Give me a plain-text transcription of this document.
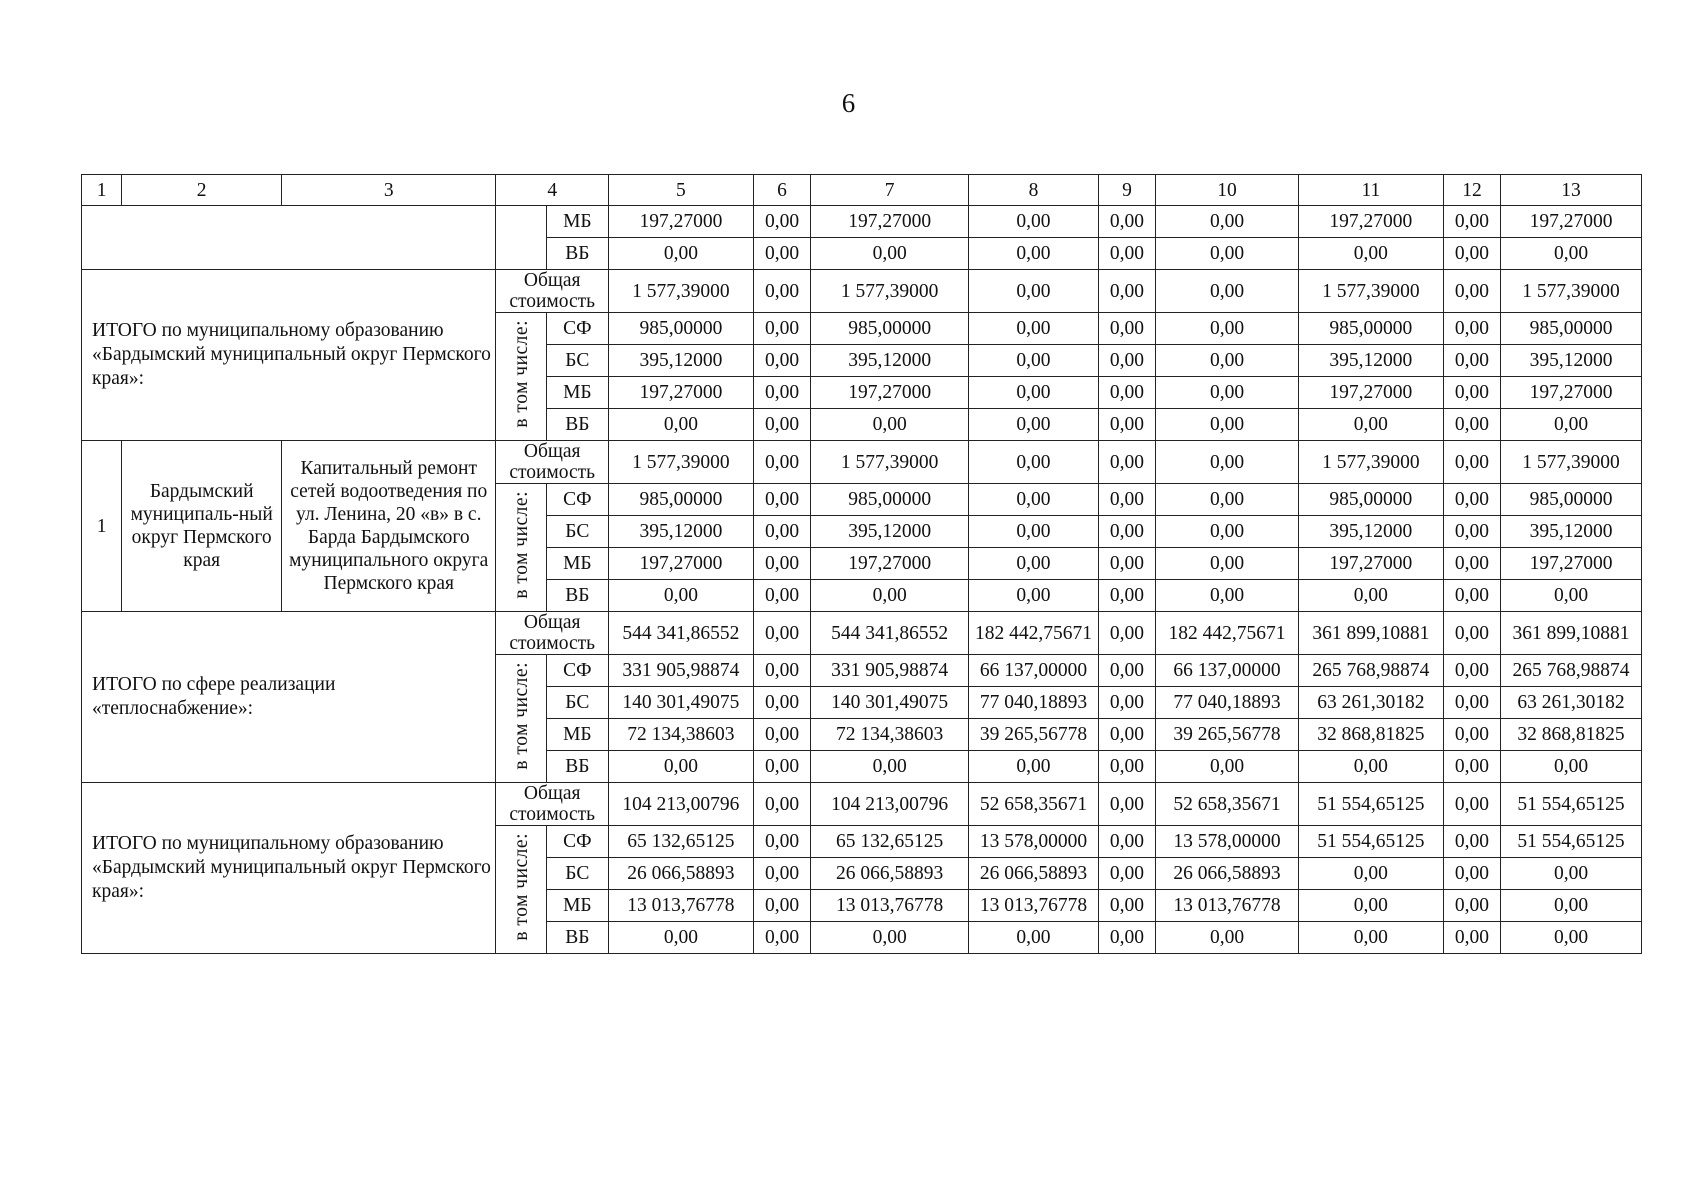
6
1	2	3	4		5	6	7	8	9	10	11	12	13
				МБ	197,27000	0,00	197,27000	0,00	0,00	0,00	197,27000	0,00	197,27000
				ВБ	0,00	0,00	0,00	0,00	0,00	0,00	0,00	0,00	0,00
ИТОГО по муниципальному образованию «Бардымский муниципальный округ Пермского края»:			Общая стоимость		1 577,39000	0,00	1 577,39000	0,00	0,00	0,00	1 577,39000	0,00	1 577,39000
			в том числе:	СФ	985,00000	0,00	985,00000	0,00	0,00	0,00	985,00000	0,00	985,00000
				БС	395,12000	0,00	395,12000	0,00	0,00	0,00	395,12000	0,00	395,12000
				МБ	197,27000	0,00	197,27000	0,00	0,00	0,00	197,27000	0,00	197,27000
				ВБ	0,00	0,00	0,00	0,00	0,00	0,00	0,00	0,00	0,00
1	Бардымский муниципаль-ный округ Пермского края	Капитальный ремонт сетей водоотведения по ул. Ленина, 20 «в» в с. Барда Бардымского муниципального округа Пермского края	Общая стоимость		1 577,39000	0,00	1 577,39000	0,00	0,00	0,00	1 577,39000	0,00	1 577,39000
			в том числе:	СФ	985,00000	0,00	985,00000	0,00	0,00	0,00	985,00000	0,00	985,00000
				БС	395,12000	0,00	395,12000	0,00	0,00	0,00	395,12000	0,00	395,12000
				МБ	197,27000	0,00	197,27000	0,00	0,00	0,00	197,27000	0,00	197,27000
				ВБ	0,00	0,00	0,00	0,00	0,00	0,00	0,00	0,00	0,00
ИТОГО по сфере реализации «теплоснабжение»:			Общая стоимость		544 341,86552	0,00	544 341,86552	182 442,75671	0,00	182 442,75671	361 899,10881	0,00	361 899,10881
			в том числе:	СФ	331 905,98874	0,00	331 905,98874	66 137,00000	0,00	66 137,00000	265 768,98874	0,00	265 768,98874
				БС	140 301,49075	0,00	140 301,49075	77 040,18893	0,00	77 040,18893	63 261,30182	0,00	63 261,30182
				МБ	72 134,38603	0,00	72 134,38603	39 265,56778	0,00	39 265,56778	32 868,81825	0,00	32 868,81825
				ВБ	0,00	0,00	0,00	0,00	0,00	0,00	0,00	0,00	0,00
ИТОГО по муниципальному образованию «Бардымский муниципальный округ Пермского края»:			Общая стоимость		104 213,00796	0,00	104 213,00796	52 658,35671	0,00	52 658,35671	51 554,65125	0,00	51 554,65125
			в том числе:	СФ	65 132,65125	0,00	65 132,65125	13 578,00000	0,00	13 578,00000	51 554,65125	0,00	51 554,65125
				БС	26 066,58893	0,00	26 066,58893	26 066,58893	0,00	26 066,58893	0,00	0,00	0,00
				МБ	13 013,76778	0,00	13 013,76778	13 013,76778	0,00	13 013,76778	0,00	0,00	0,00
				ВБ	0,00	0,00	0,00	0,00	0,00	0,00	0,00	0,00	0,00
